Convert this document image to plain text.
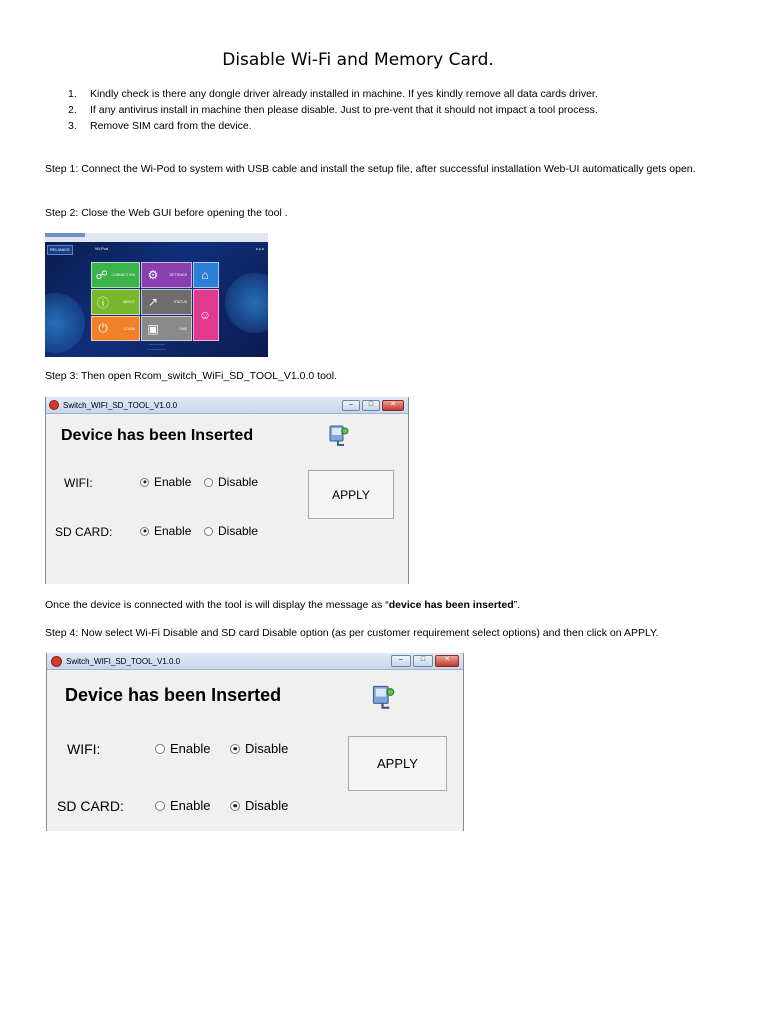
Disable Wi-Fi and Memory Card.
1.	Kindly check is there any dongle driver already installed in machine. If yes kindly remove all data cards driver.
2.	If any antivirus install in machine then please disable. Just to pre-vent that it should not impact a tool process.
3.	Remove SIM card from the device.
Step 1: Connect the Wi-Pod to system with USB cable and install the setup file, after successful installation Web-UI automatically gets open.
Step 2: Close the Web GUI before opening the tool .
RELIANCE	Wi-Pod	● ● ●
☍	CONNECTION	⚙	SETTINGS	⌂
ⓘ	ABOUT	↗	STATUS
☺
⏻	LOGIN	▣	SMS
—————
——————
Step 3: Then open Rcom_switch_WiFi_SD_TOOL_V1.0.0 tool.
Switch_WIFI_SD_TOOL_V1.0.0	–	□	✕
Device has been Inserted
WIFI:	Enable Disable
APPLY
SD CARD:	Enable Disable
Once the device is connected with the tool is will display the message as “device has been inserted”.
Step 4: Now select Wi-Fi Disable and SD card Disable option (as per customer requirement select options) and then click on APPLY.
Switch_WIFI_SD_TOOL_V1.0.0	–	□	✕
Device has been Inserted
WIFI:	Enable	Disable
APPLY
SD CARD:	Enable	Disable
